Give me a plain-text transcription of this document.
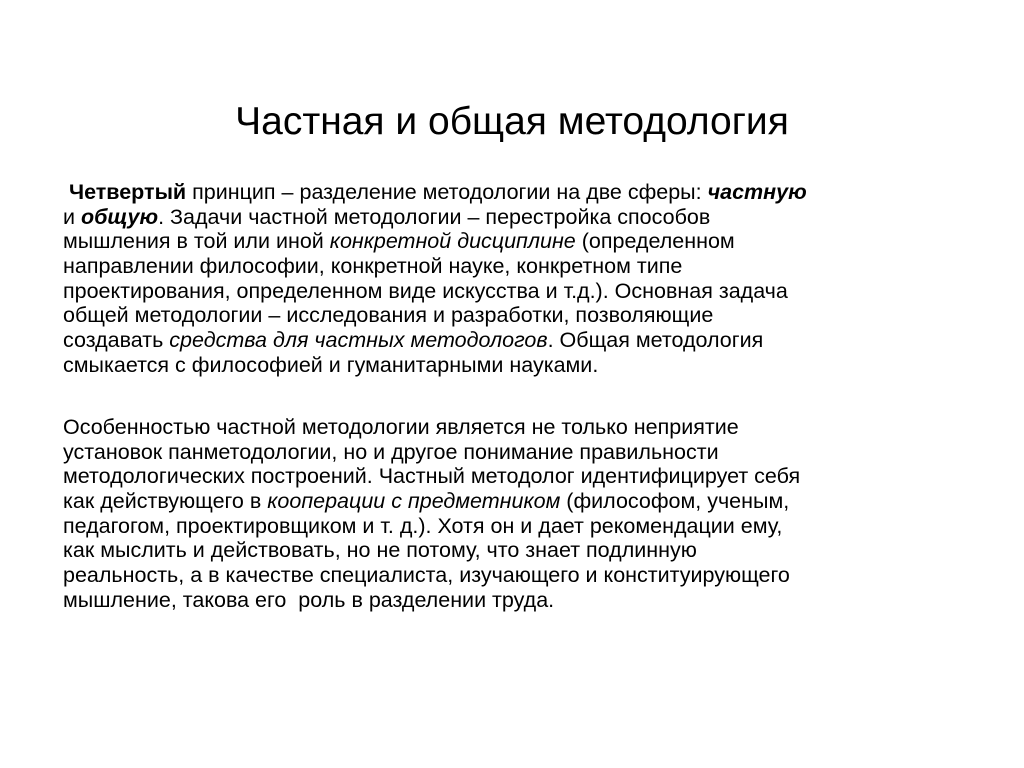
Частная и общая методология
Четвертый принцип – разделение методологии на две сферы: частную
и общую. Задачи частной методологии – перестройка способов
мышления в той или иной конкретной дисциплине (определенном
направлении философии, конкретной науке, конкретном типе
проектирования, определенном виде искусства и т.д.). Основная задача
общей методологии – исследования и разработки, позволяющие
создавать средства для частных методологов. Общая методология
смыкается с философией и гуманитарными науками.
Особенностью частной методологии является не только неприятие
установок панметодологии, но и другое понимание правильности
методологических построений. Частный методолог идентифицирует себя
как действующего в кооперации с предметником (философом, ученым,
педагогом, проектировщиком и т. д.). Хотя он и дает рекомендации ему,
как мыслить и действовать, но не потому, что знает подлинную
реальность, а в качестве специалиста, изучающего и конституирующего
мышление, такова его  роль в разделении труда.
